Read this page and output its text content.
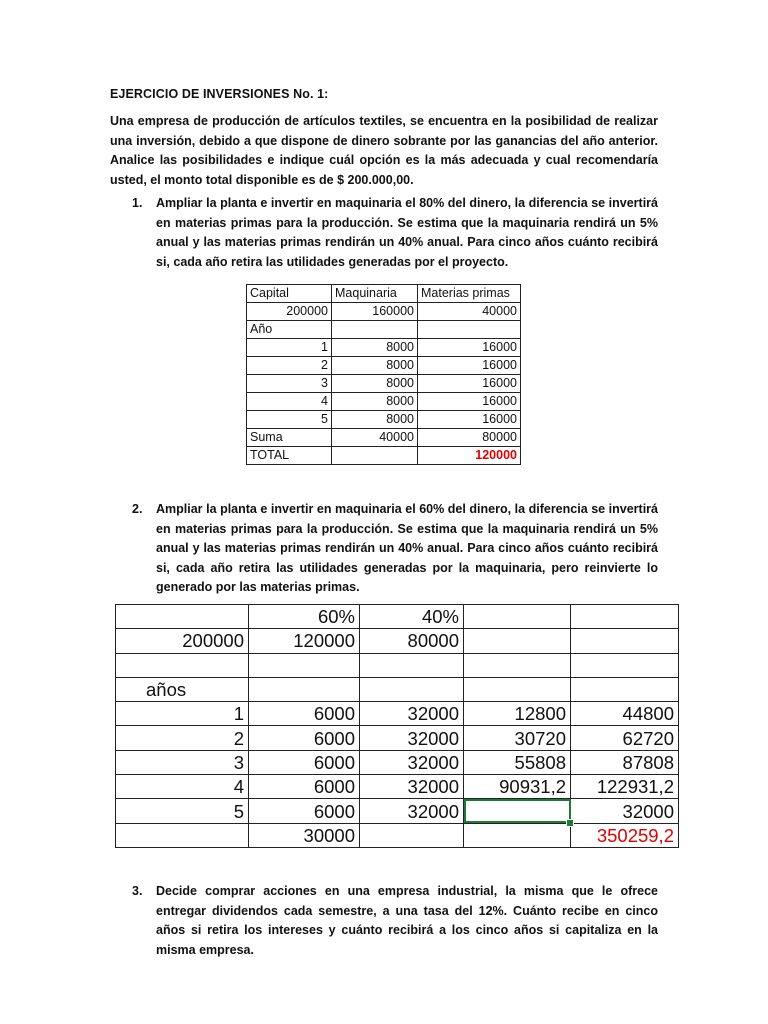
EJERCICIO DE INVERSIONES No. 1:
Una empresa de producción de artículos textiles, se encuentra en la posibilidad de realizar una inversión, debido a que dispone de dinero sobrante por las ganancias del año anterior. Analice las posibilidades e indique cuál opción es la más adecuada y cual recomendaría usted, el monto total disponible es de $ 200.000,00.
1. Ampliar la planta e invertir en maquinaria el 80% del dinero, la diferencia se invertirá en materias primas para la producción. Se estima que la maquinaria rendirá un 5% anual y las materias primas rendirán un 40% anual. Para cinco años cuánto recibirá si, cada año retira las utilidades generadas por el proyecto.
Capital	Maquinaria	Materias primas
200000	160000	40000
Año		
1	8000	16000
2	8000	16000
3	8000	16000
4	8000	16000
5	8000	16000
Suma	40000	80000
TOTAL		120000
2. Ampliar la planta e invertir en maquinaria el 60% del dinero, la diferencia se invertirá en materias primas para la producción. Se estima que la maquinaria rendirá un 5% anual y las materias primas rendirán un 40% anual. Para cinco años cuánto recibirá si, cada año retira las utilidades generadas por la maquinaria, pero reinvierte lo generado por las materias primas.
	60%	40%		
200000	120000	80000		

años				
1	6000	32000	12800	44800
2	6000	32000	30720	62720
3	6000	32000	55808	87808
4	6000	32000	90931,2	122931,2
5	6000	32000		32000
	30000			350259,2
3. Decide comprar acciones en una empresa industrial, la misma que le ofrece entregar dividendos cada semestre, a una tasa del 12%. Cuánto recibe en cinco años si retira los intereses y cuánto recibirá a los cinco años si capitaliza en la misma empresa.
